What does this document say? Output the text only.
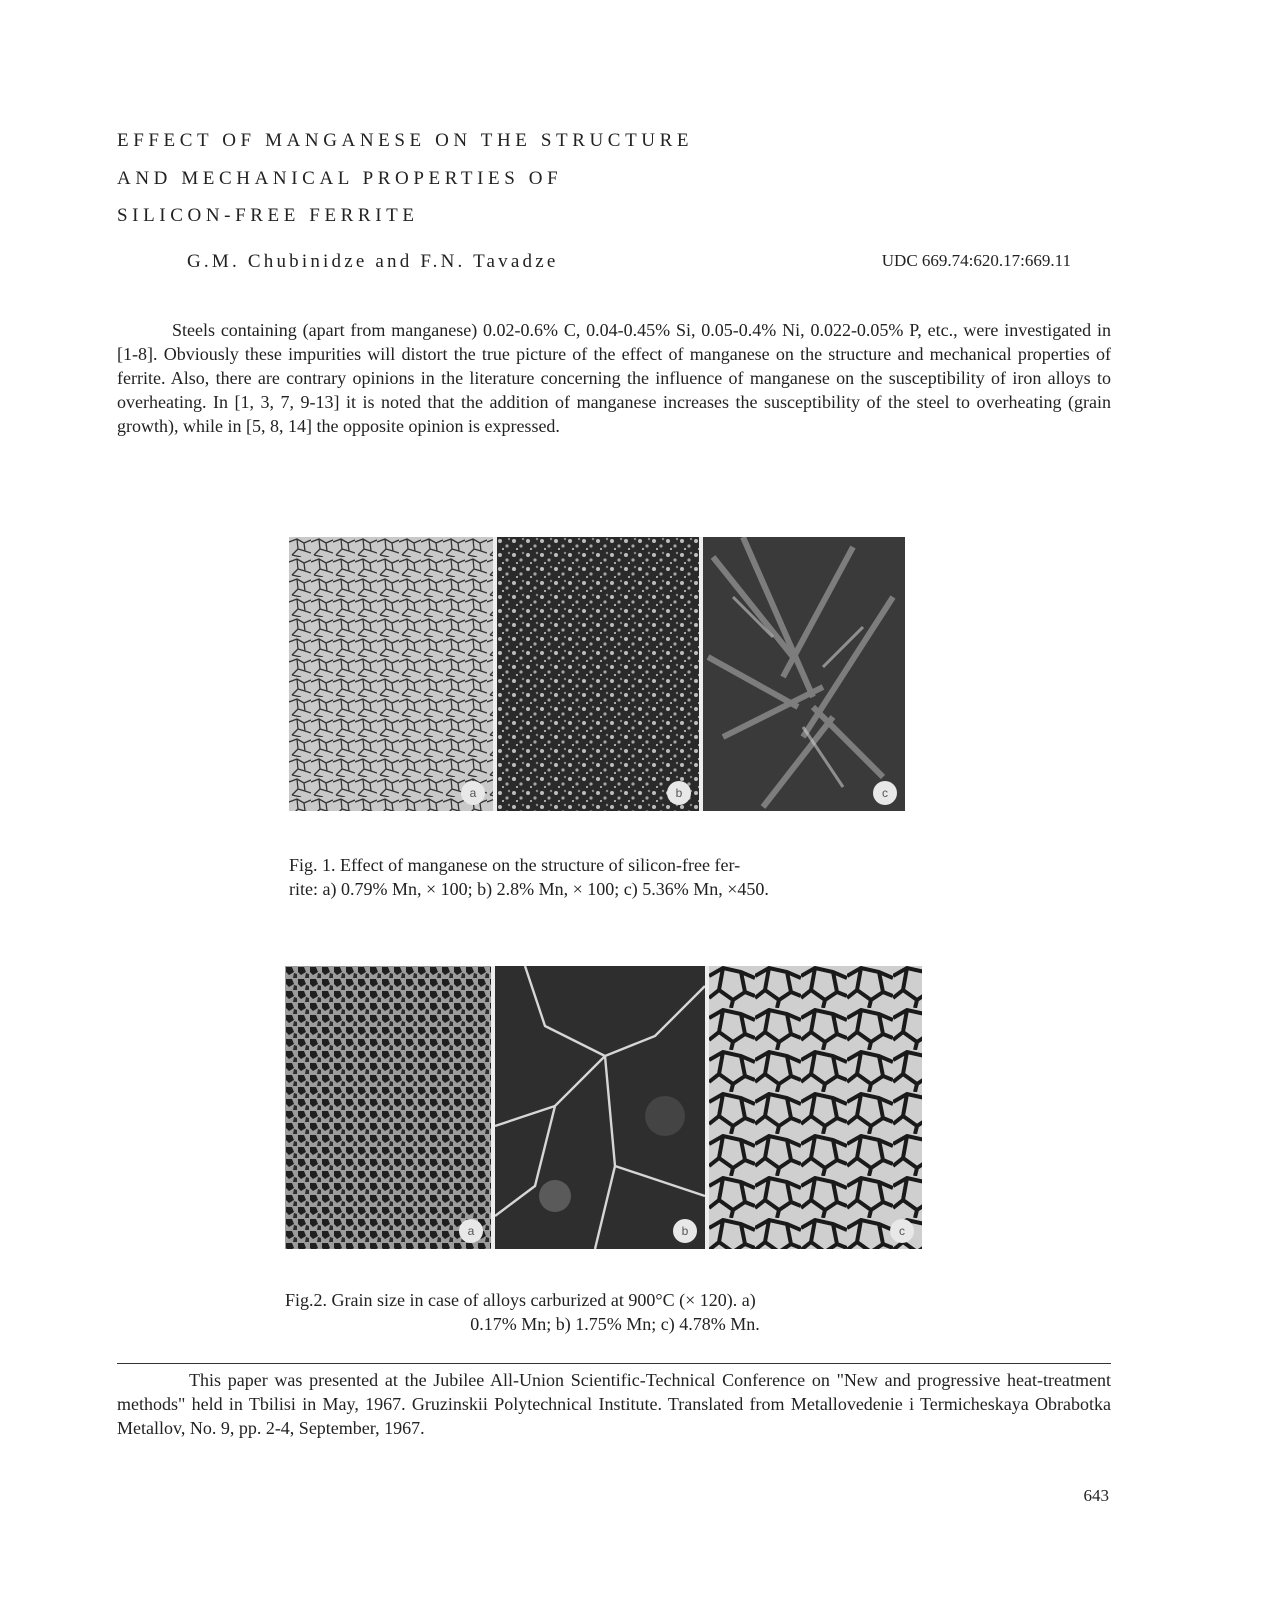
EFFECT OF MANGANESE ON THE STRUCTURE
AND MECHANICAL PROPERTIES OF
SILICON-FREE FERRITE
G.M. Chubinidze and F.N. Tavadze	UDC 669.74:620.17:669.11

Steels containing (apart from manganese) 0.02-0.6% C, 0.04-0.45% Si, 0.05-0.4% Ni, 0.022-0.05% P, etc., were investigated in [1-8]. Obviously these impurities will distort the true picture of the effect of manganese on the structure and mechanical properties of ferrite. Also, there are contrary opinions in the literature concerning the influence of manganese on the susceptibility of iron alloys to overheating. In [1, 3, 7, 9-13] it is noted that the addition of manganese increases the susceptibility of the steel to overheating (grain growth), while in [5, 8, 14] the opposite opinion is expressed.

a	b	c
Fig. 1. Effect of manganese on the structure of silicon-free fer-
rite: a) 0.79% Mn, × 100; b) 2.8% Mn, × 100; c) 5.36% Mn, ×450.
a	b	c
Fig.2. Grain size in case of alloys carburized at 900°C (× 120). a)
0.17% Mn; b) 1.75% Mn; c) 4.78% Mn.

This paper was presented at the Jubilee All-Union Scientific-Technical Conference on "New and progressive heat-treatment methods" held in Tbilisi in May, 1967. Gruzinskii Polytechnical Institute. Translated from Metallovedenie i Termicheskaya Obrabotka Metallov, No. 9, pp. 2-4, September, 1967.

643
